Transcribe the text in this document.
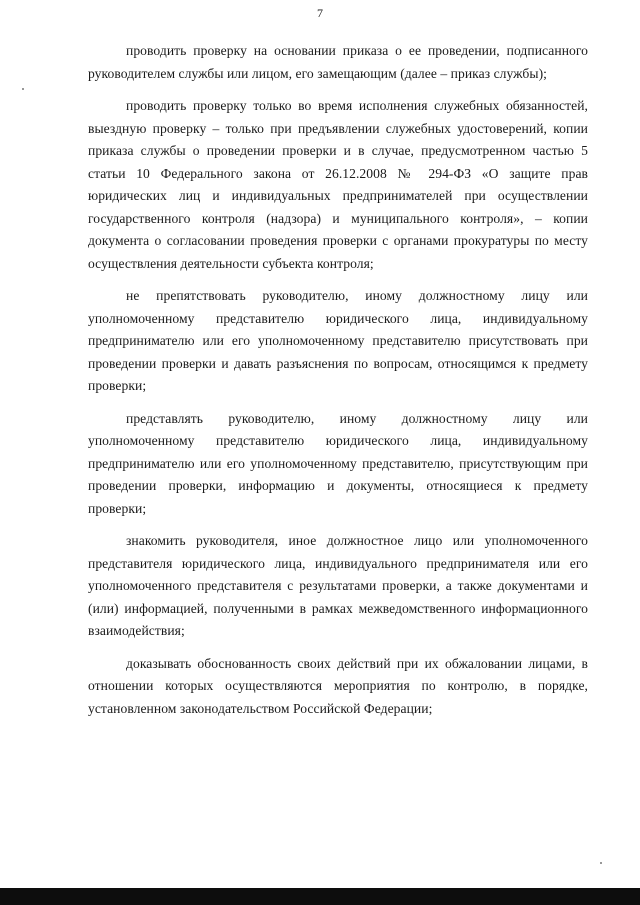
7

проводить проверку на основании приказа о ее проведении, подписанного руководителем службы или лицом, его замещающим (далее – приказ службы);

проводить проверку только во время исполнения служебных обязанностей, выездную проверку – только при предъявлении служебных удостоверений, копии приказа службы о проведении проверки и в случае, предусмотренном частью 5 статьи 10 Федерального закона от 26.12.2008 № 294-ФЗ «О защите прав юридических лиц и индивидуальных предпринимателей при осуществлении государственного контроля (надзора) и муниципального контроля», – копии документа о согласовании проведения проверки с органами прокуратуры по месту осуществления деятельности субъекта контроля;

не препятствовать руководителю, иному должностному лицу или уполномоченному представителю юридического лица, индивидуальному предпринимателю или его уполномоченному представителю присутствовать при проведении проверки и давать разъяснения по вопросам, относящимся к предмету проверки;

представлять руководителю, иному должностному лицу или уполномоченному представителю юридического лица, индивидуальному предпринимателю или его уполномоченному представителю, присутствующим при проведении проверки, информацию и документы, относящиеся к предмету проверки;

знакомить руководителя, иное должностное лицо или уполномоченного представителя юридического лица, индивидуального предпринимателя или его уполномоченного представителя с результатами проверки, а также документами и (или) информацией, полученными в рамках межведомственного информационного взаимодействия;

доказывать обоснованность своих действий при их обжаловании лицами, в отношении которых осуществляются мероприятия по контролю, в порядке, установленном законодательством Российской Федерации;
